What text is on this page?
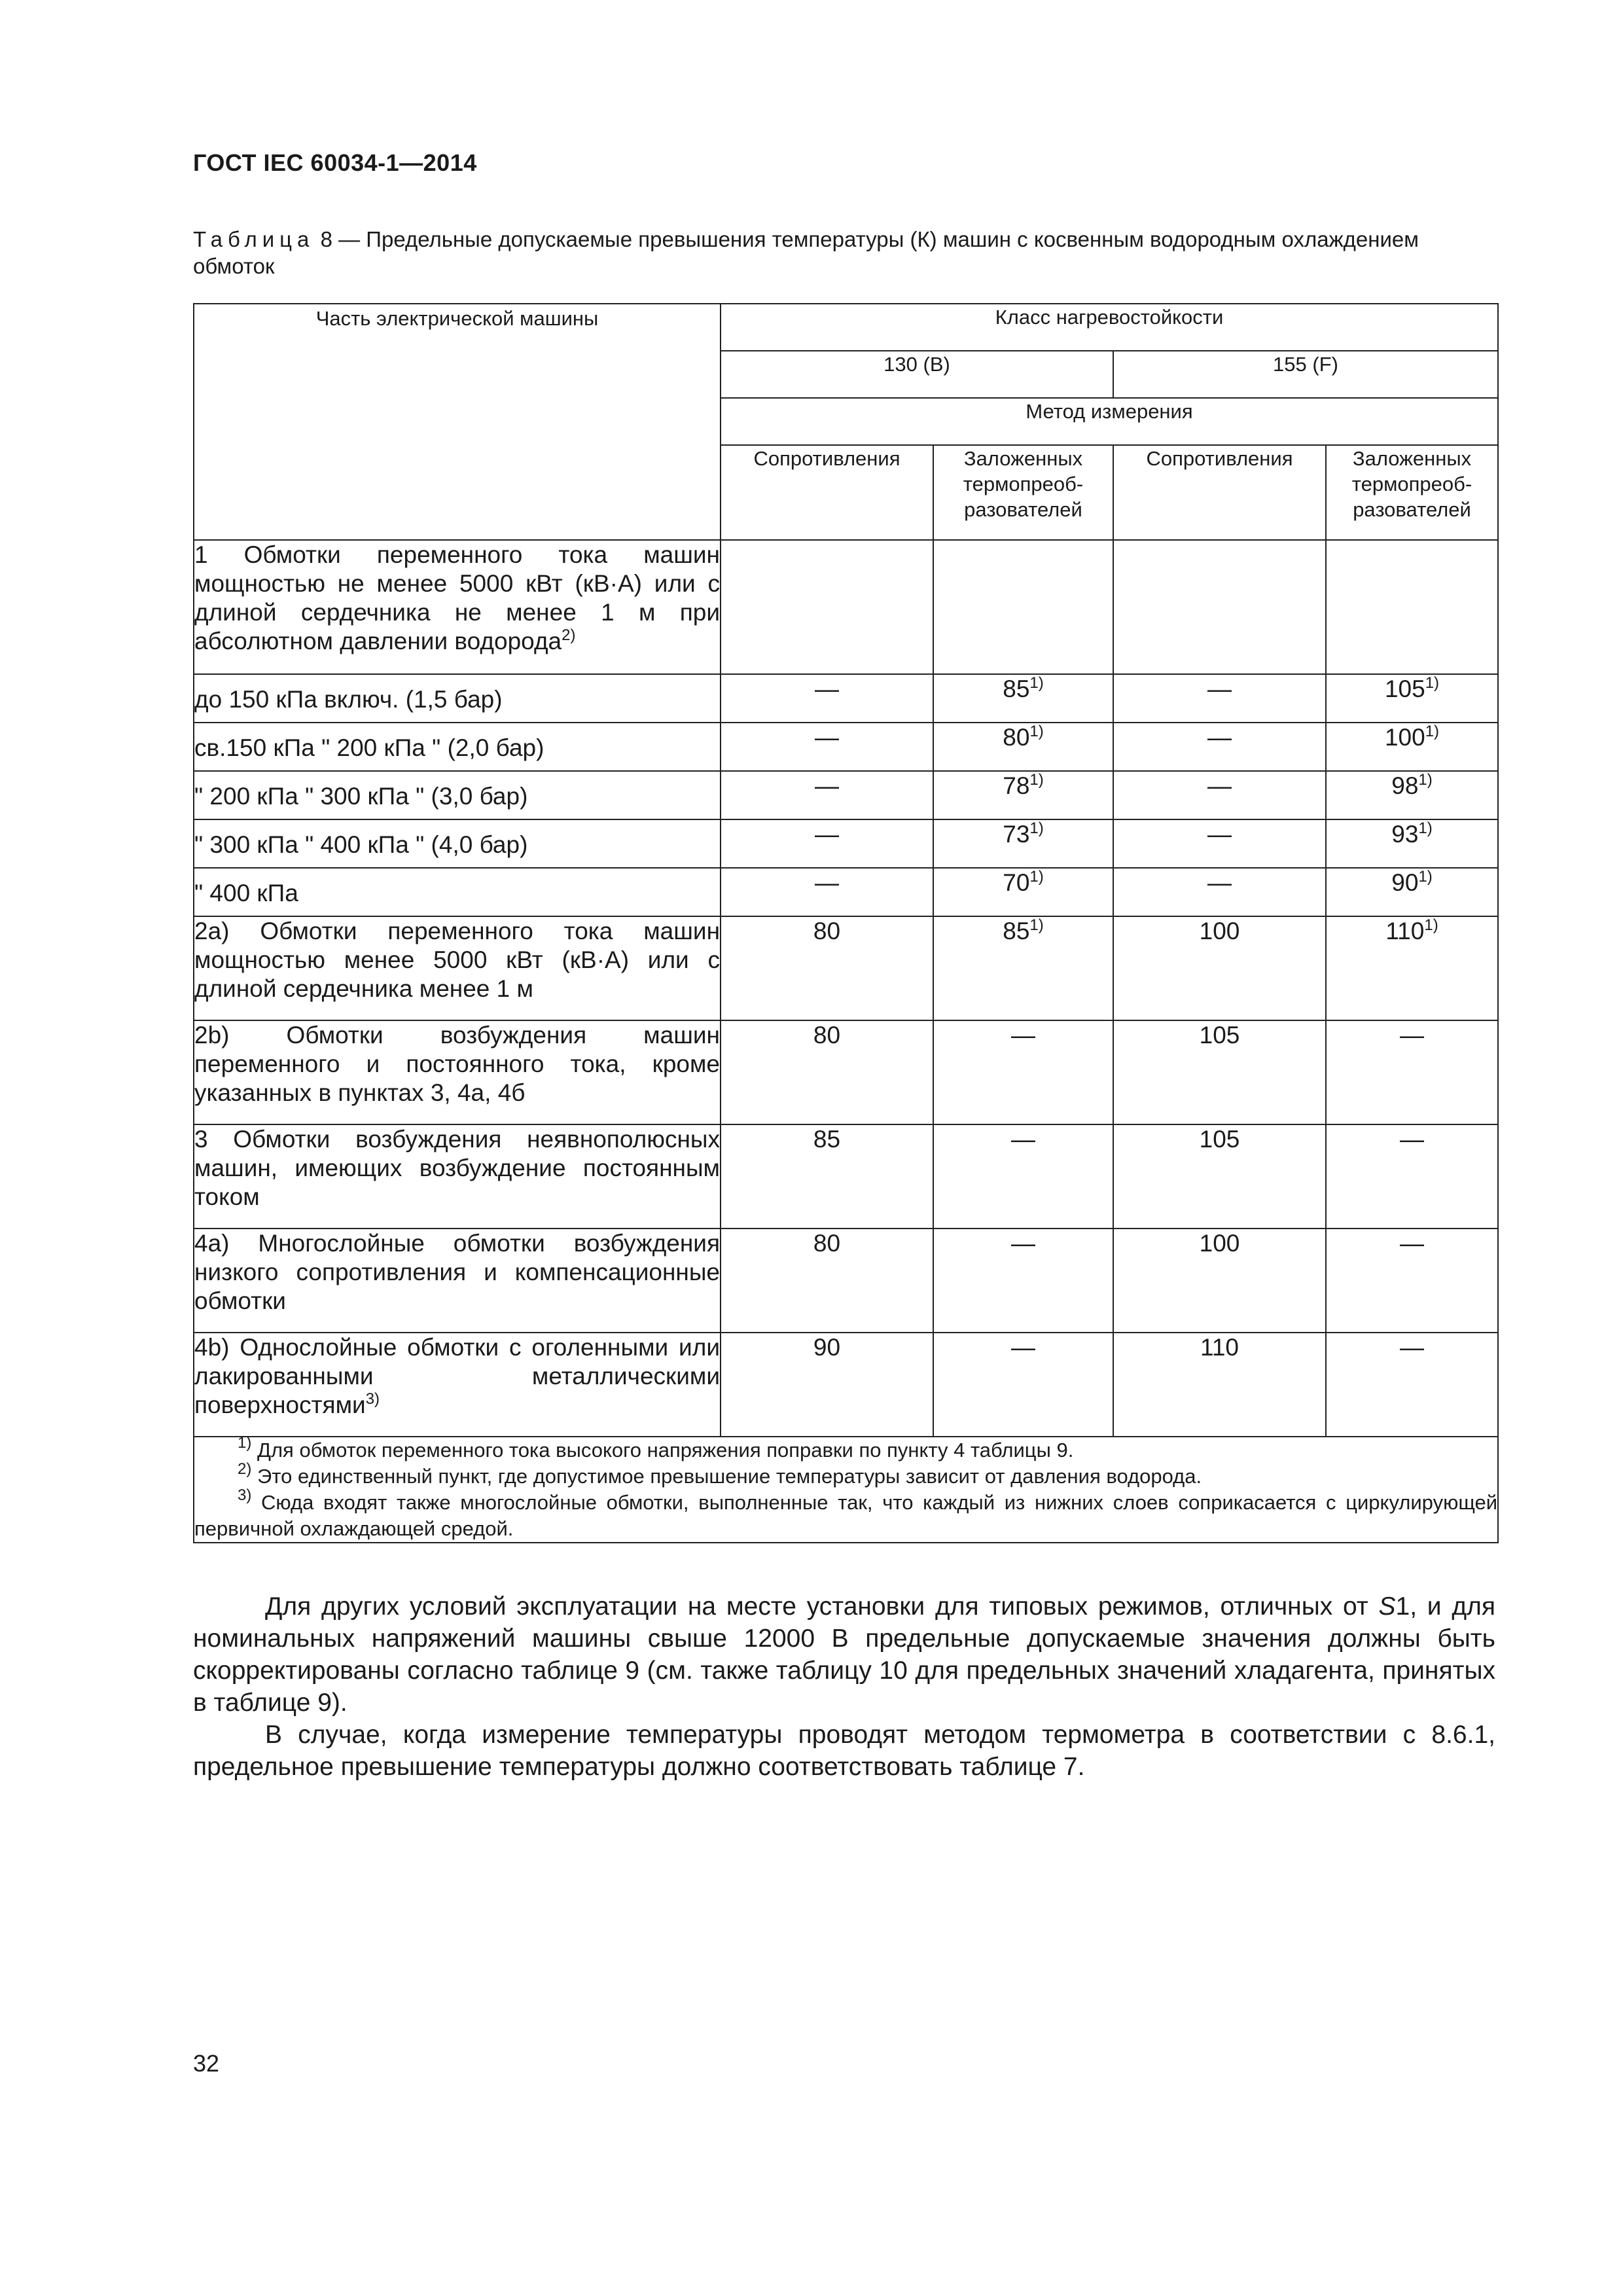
ГОСТ IEC 60034-1—2014
Таблица 8 — Предельные допускаемые превышения температуры (К) машин с косвенным водородным охлаждением обмоток
Часть электрической машины	Класс нагревостойкости			
	130 (B)		155 (F)	
	Метод измерения			
	Сопротивления	Заложенных термопреоб-разователей	Сопротивления	Заложенных термопреоб-разователей
1 Обмотки переменного тока машин мощностью не менее 5000 кВт (кВ·А) или с длиной сердечника не менее 1 м при абсолютном давлении водорода$^{2)}$				
до 150 кПа включ. (1,5 бар)	—	85$^{1)}$	—	105$^{1)}$
св.150 кПа " 200 кПа " (2,0 бар)	—	80$^{1)}$	—	100$^{1)}$
" 200 кПа " 300 кПа " (3,0 бар)	—	78$^{1)}$	—	98$^{1)}$
" 300 кПа " 400 кПа " (4,0 бар)	—	73$^{1)}$	—	93$^{1)}$
" 400 кПа	—	70$^{1)}$	—	90$^{1)}$
2a) Обмотки переменного тока машин мощностью менее 5000 кВт (кВ·А) или с длиной сердечника менее 1 м	80	85$^{1)}$	100	110$^{1)}$
2b) Обмотки возбуждения машин переменного и постоянного тока, кроме указанных в пунктах 3, 4а, 4б	80	—	105	—
3 Обмотки возбуждения неявнополюсных машин, имеющих возбуждение постоянным током	85	—	105	—
4a) Многослойные обмотки возбуждения низкого сопротивления и компенсационные обмотки	80	—	100	—
4b) Однослойные обмотки с оголенными или лакированными металлическими поверхностями$^{3)}$	90	—	110	—

$^{1)}$ Для обмоток переменного тока высокого напряжения поправки по пункту 4 таблицы 9.
$^{2)}$ Это единственный пункт, где допустимое превышение температуры зависит от давления водорода.
$^{3)}$ Сюда входят также многослойные обмотки, выполненные так, что каждый из нижних слоев соприкасается с циркулирующей первичной охлаждающей средой.				

Для других условий эксплуатации на месте установки для типовых режимов, отличных от S1, и для номинальных напряжений машины свыше 12000 В предельные допускаемые значения должны быть скорректированы согласно таблице 9 (см. также таблицу 10 для предельных значений хладагента, принятых в таблице 9).

В случае, когда измерение температуры проводят методом термометра в соответствии с 8.6.1, предельное превышение температуры должно соответствовать таблице 7.

32
